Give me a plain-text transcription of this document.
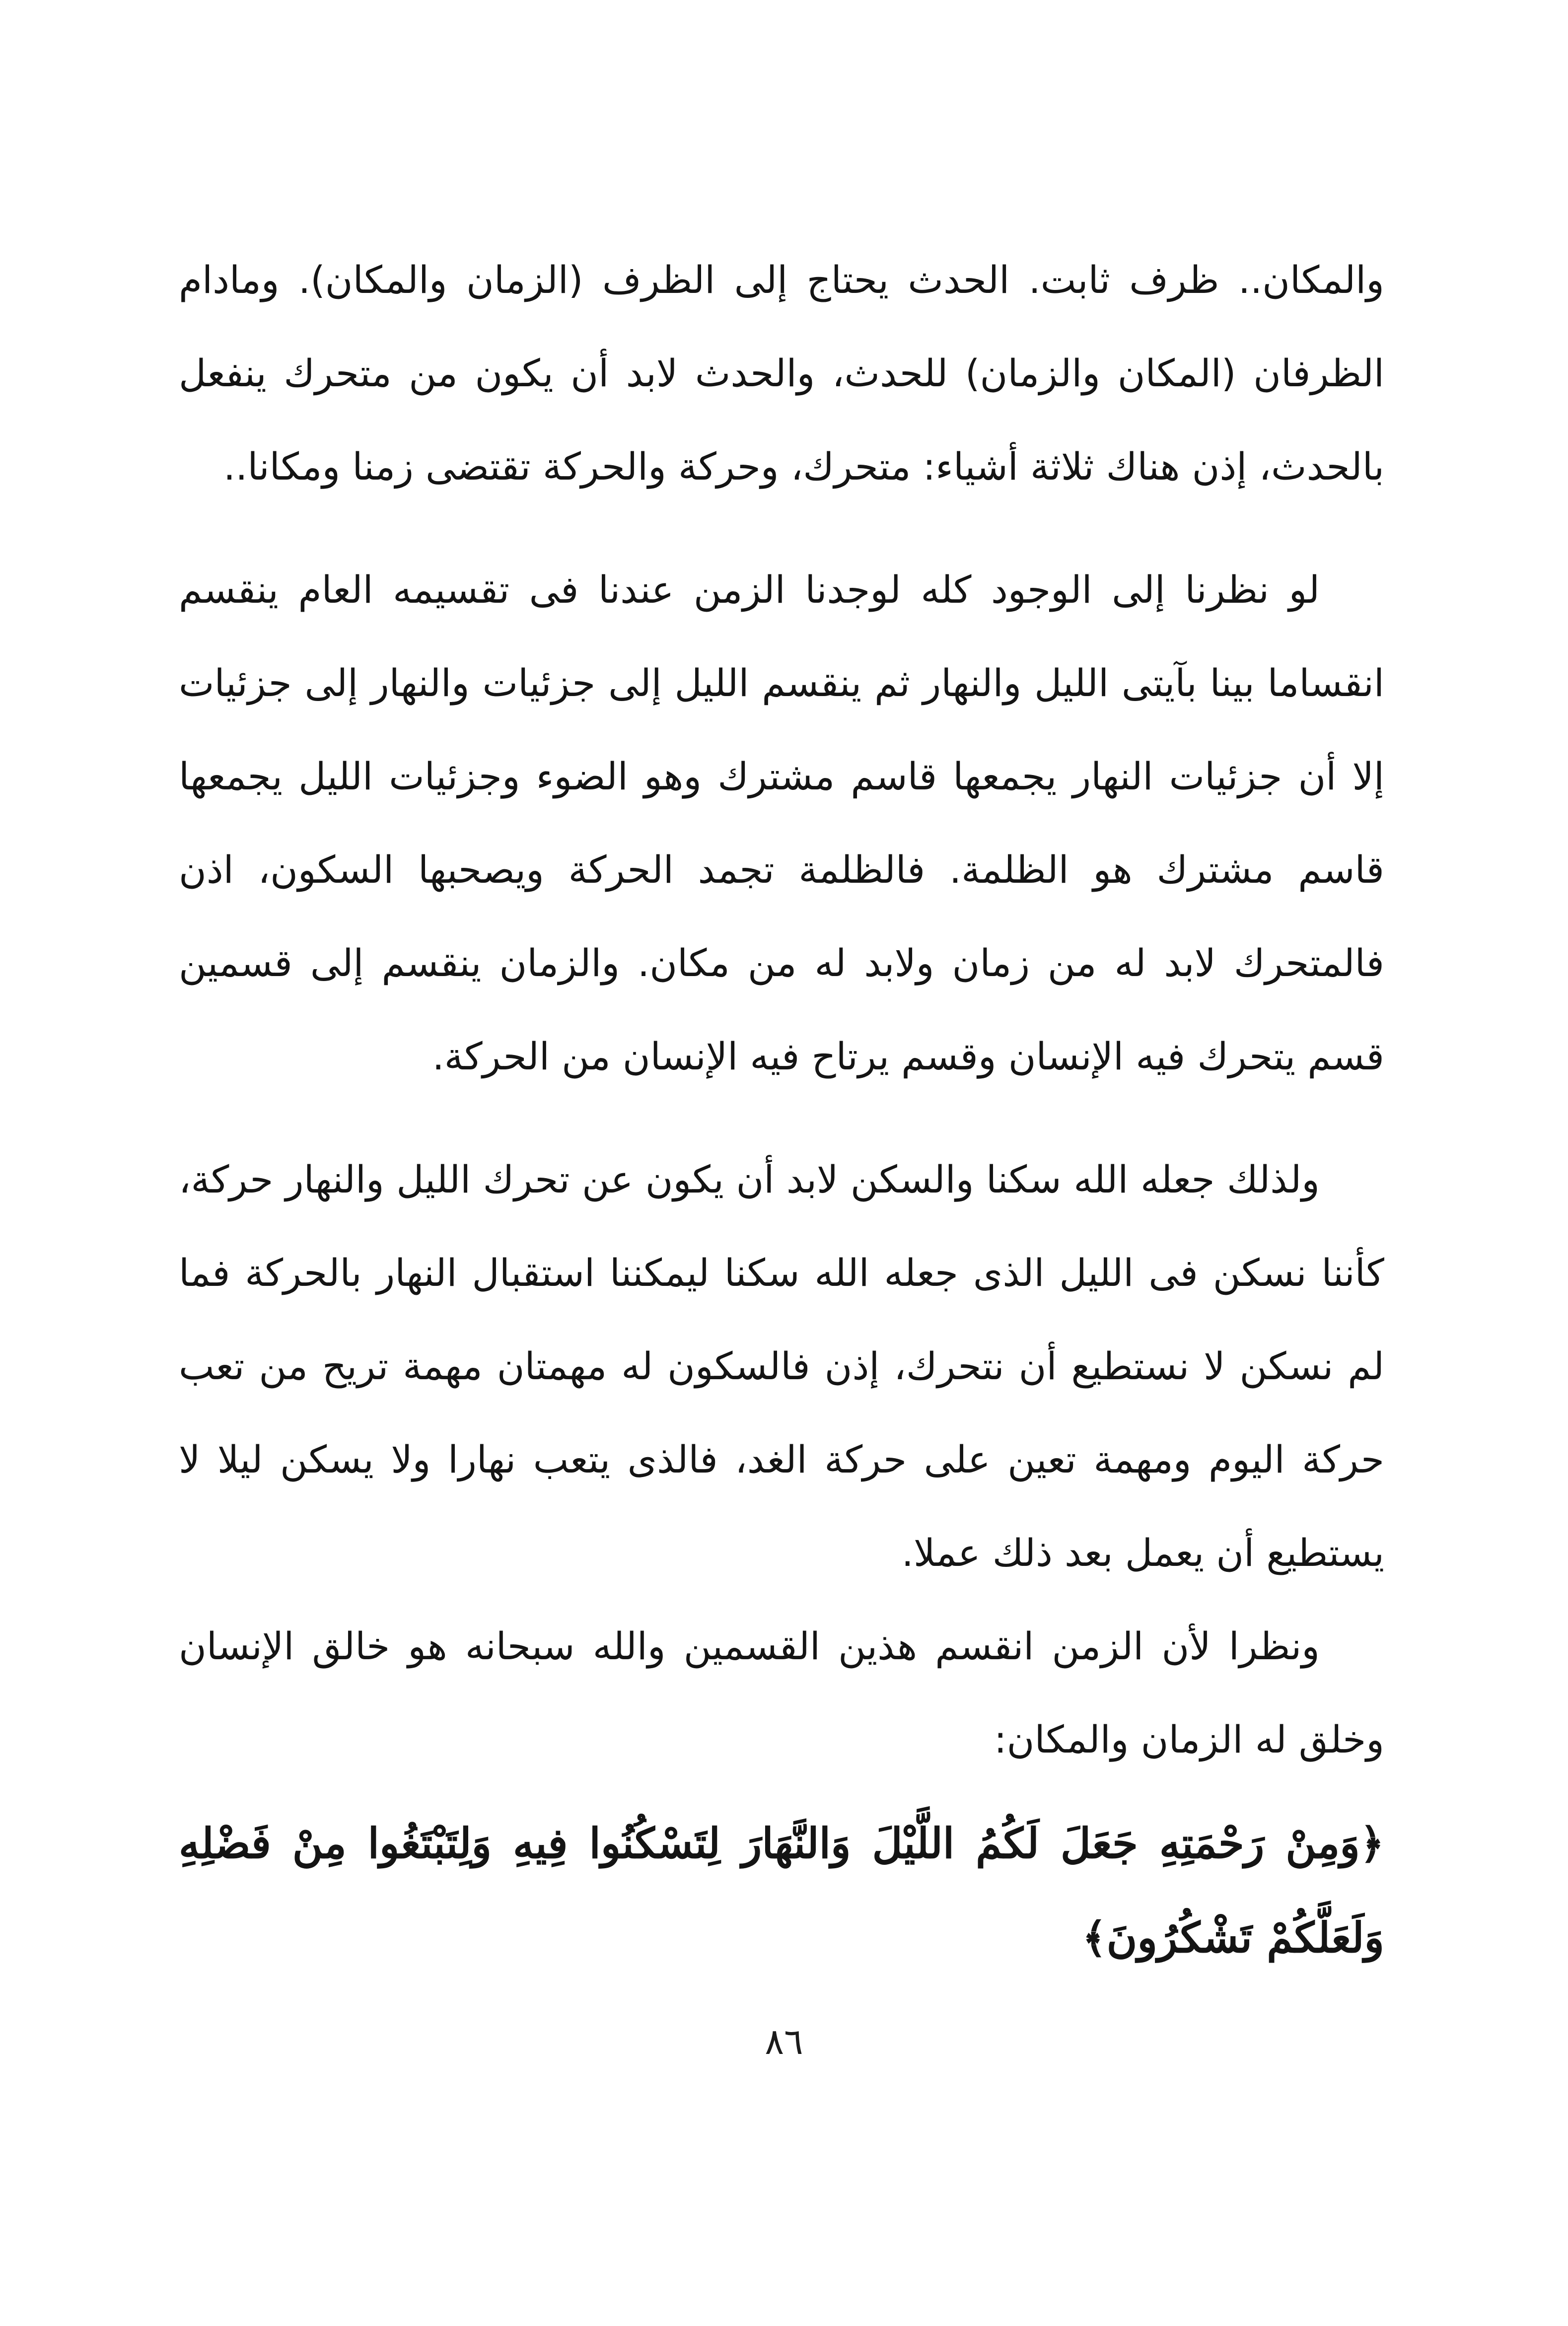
والمكان.. ظرف ثابت. الحدث يحتاج إلى الظرف (الزمان والمكان). ومادام الظرفان (المكان والزمان) للحدث، والحدث لابد أن يكون من متحرك ينفعل بالحدث، إذن هناك ثلاثة أشياء: متحرك، وحركة والحركة تقتضى زمنا ومكانا..

لو نظرنا إلى الوجود كله لوجدنا الزمن عندنا فى تقسيمه العام ينقسم انقساما بينا بآيتى الليل والنهار ثم ينقسم الليل إلى جزئيات والنهار إلى جزئيات إلا أن جزئيات النهار يجمعها قاسم مشترك وهو الضوء وجزئيات الليل يجمعها قاسم مشترك هو الظلمة. فالظلمة تجمد الحركة ويصحبها السكون، اذن فالمتحرك لابد له من زمان ولابد له من مكان. والزمان ينقسم إلى قسمين قسم يتحرك فيه الإنسان وقسم يرتاح فيه الإنسان من الحركة.

ولذلك جعله الله سكنا والسكن لابد أن يكون عن تحرك الليل والنهار حركة، كأننا نسكن فى الليل الذى جعله الله سكنا ليمكننا استقبال النهار بالحركة فما لم نسكن لا نستطيع أن نتحرك، إذن فالسكون له مهمتان مهمة تريح من تعب حركة اليوم ومهمة تعين على حركة الغد، فالذى يتعب نهارا ولا يسكن ليلا لا يستطيع أن يعمل بعد ذلك عملا.

ونظرا لأن الزمن انقسم هذين القسمين والله سبحانه هو خالق الإنسان وخلق له الزمان والمكان:

﴿وَمِنْ رَحْمَتِهِ جَعَلَ لَكُمُ اللَّيْلَ وَالنَّهَارَ لِتَسْكُنُوا فِيهِ وَلِتَبْتَغُوا مِنْ فَضْلِهِ وَلَعَلَّكُمْ تَشْكُرُونَ﴾

٨٦
